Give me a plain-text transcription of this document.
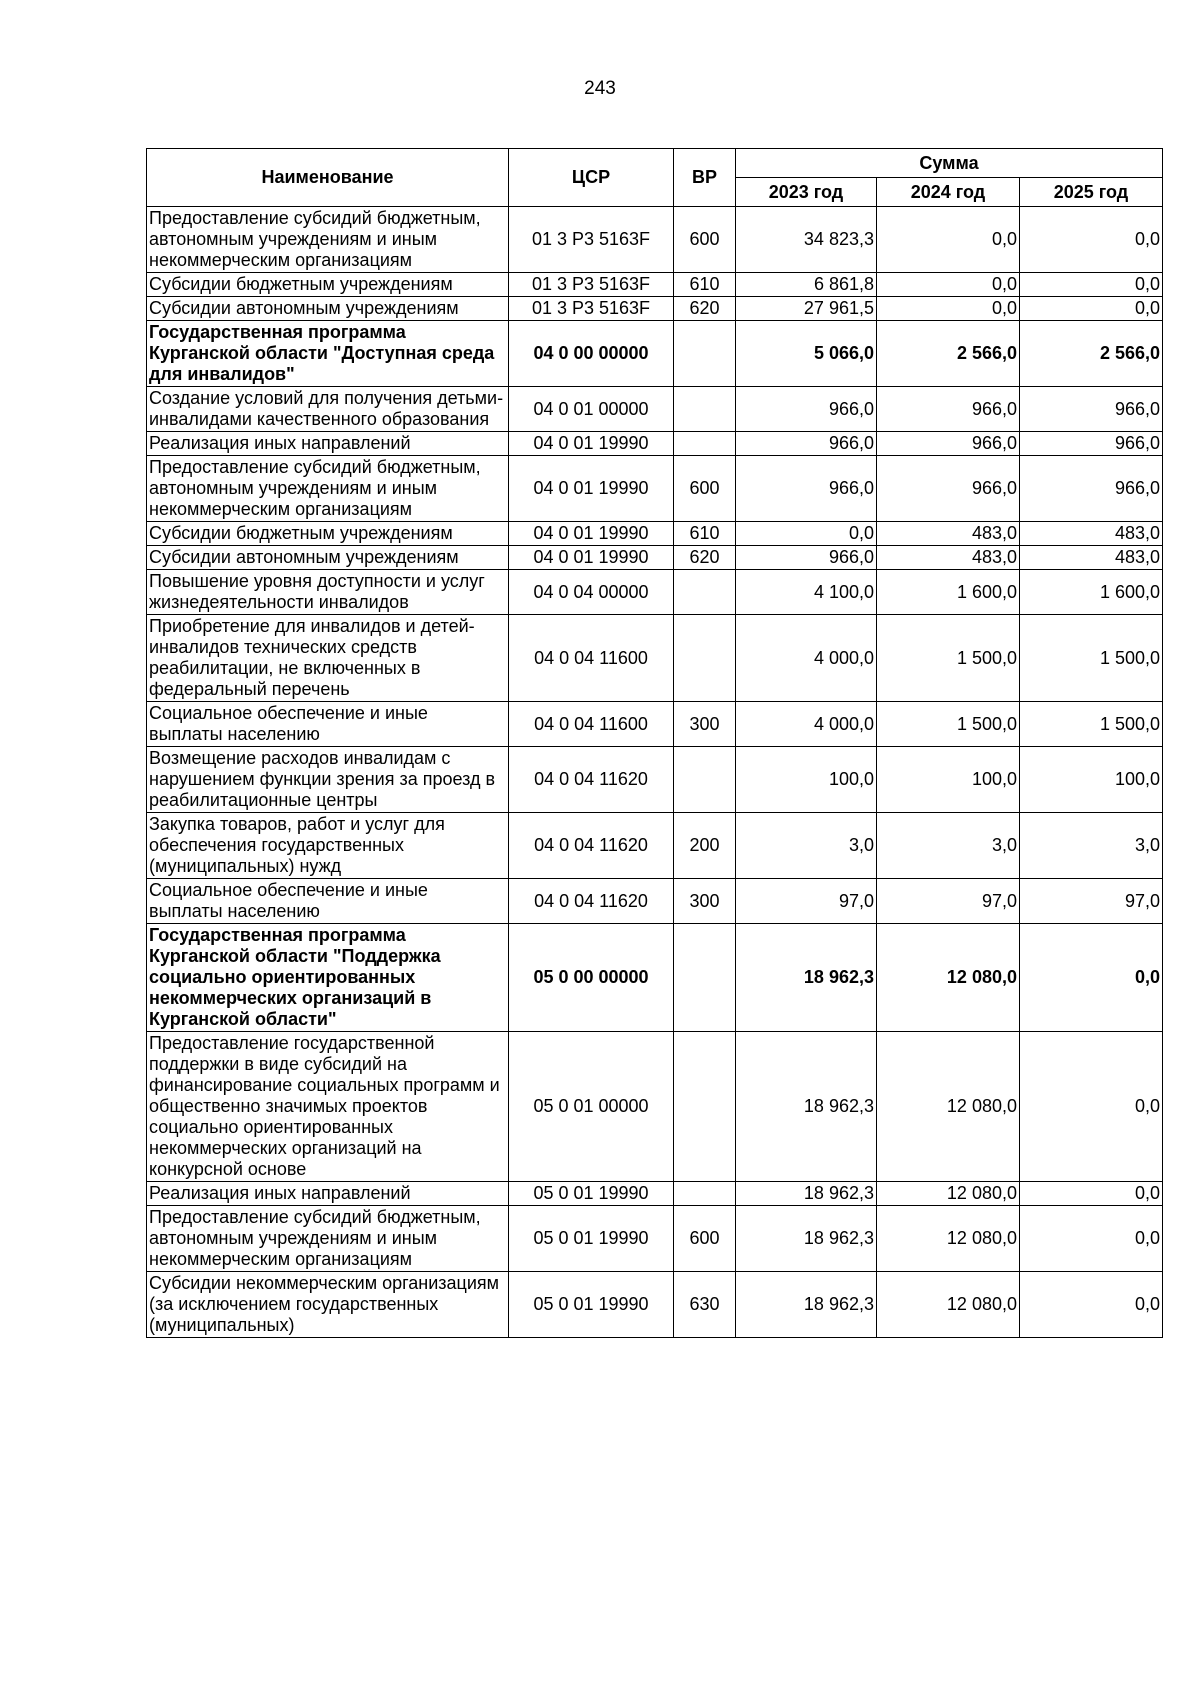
243
Наименование	ЦСР	ВР	Сумма		
			2023 год	2024 год	2025 год
Предоставление субсидий бюджетным, автономным учреждениям и иным некоммерческим организациям	01 3 Р3 5163F	600	34 823,3	0,0	0,0
Субсидии бюджетным учреждениям	01 3 Р3 5163F	610	6 861,8	0,0	0,0
Субсидии автономным учреждениям	01 3 Р3 5163F	620	27 961,5	0,0	0,0
Государственная программа Курганской области "Доступная среда для инвалидов"	04 0 00 00000		5 066,0	2 566,0	2 566,0
Создание условий для получения детьми-инвалидами качественного образования	04 0 01 00000		966,0	966,0	966,0
Реализация иных направлений	04 0 01 19990		966,0	966,0	966,0
Предоставление субсидий бюджетным, автономным учреждениям и иным некоммерческим организациям	04 0 01 19990	600	966,0	966,0	966,0
Субсидии бюджетным учреждениям	04 0 01 19990	610	0,0	483,0	483,0
Субсидии автономным учреждениям	04 0 01 19990	620	966,0	483,0	483,0
Повышение уровня доступности и услуг жизнедеятельности инвалидов	04 0 04 00000		4 100,0	1 600,0	1 600,0
Приобретение для инвалидов и детей-инвалидов технических средств реабилитации, не включенных в федеральный перечень	04 0 04 11600		4 000,0	1 500,0	1 500,0
Социальное обеспечение и иные выплаты населению	04 0 04 11600	300	4 000,0	1 500,0	1 500,0
Возмещение расходов инвалидам с нарушением функции зрения за проезд в реабилитационные центры	04 0 04 11620		100,0	100,0	100,0
Закупка товаров, работ и услуг для обеспечения государственных (муниципальных) нужд	04 0 04 11620	200	3,0	3,0	3,0
Социальное обеспечение и иные выплаты населению	04 0 04 11620	300	97,0	97,0	97,0
Государственная программа Курганской области "Поддержка социально ориентированных некоммерческих организаций в Курганской области"	05 0 00 00000		18 962,3	12 080,0	0,0
Предоставление государственной поддержки в виде субсидий на финансирование социальных программ и общественно значимых проектов социально ориентированных некоммерческих организаций на конкурсной основе	05 0 01 00000		18 962,3	12 080,0	0,0
Реализация иных направлений	05 0 01 19990		18 962,3	12 080,0	0,0
Предоставление субсидий бюджетным, автономным учреждениям и иным некоммерческим организациям	05 0 01 19990	600	18 962,3	12 080,0	0,0
Субсидии некоммерческим организациям (за исключением государственных (муниципальных)	05 0 01 19990	630	18 962,3	12 080,0	0,0
